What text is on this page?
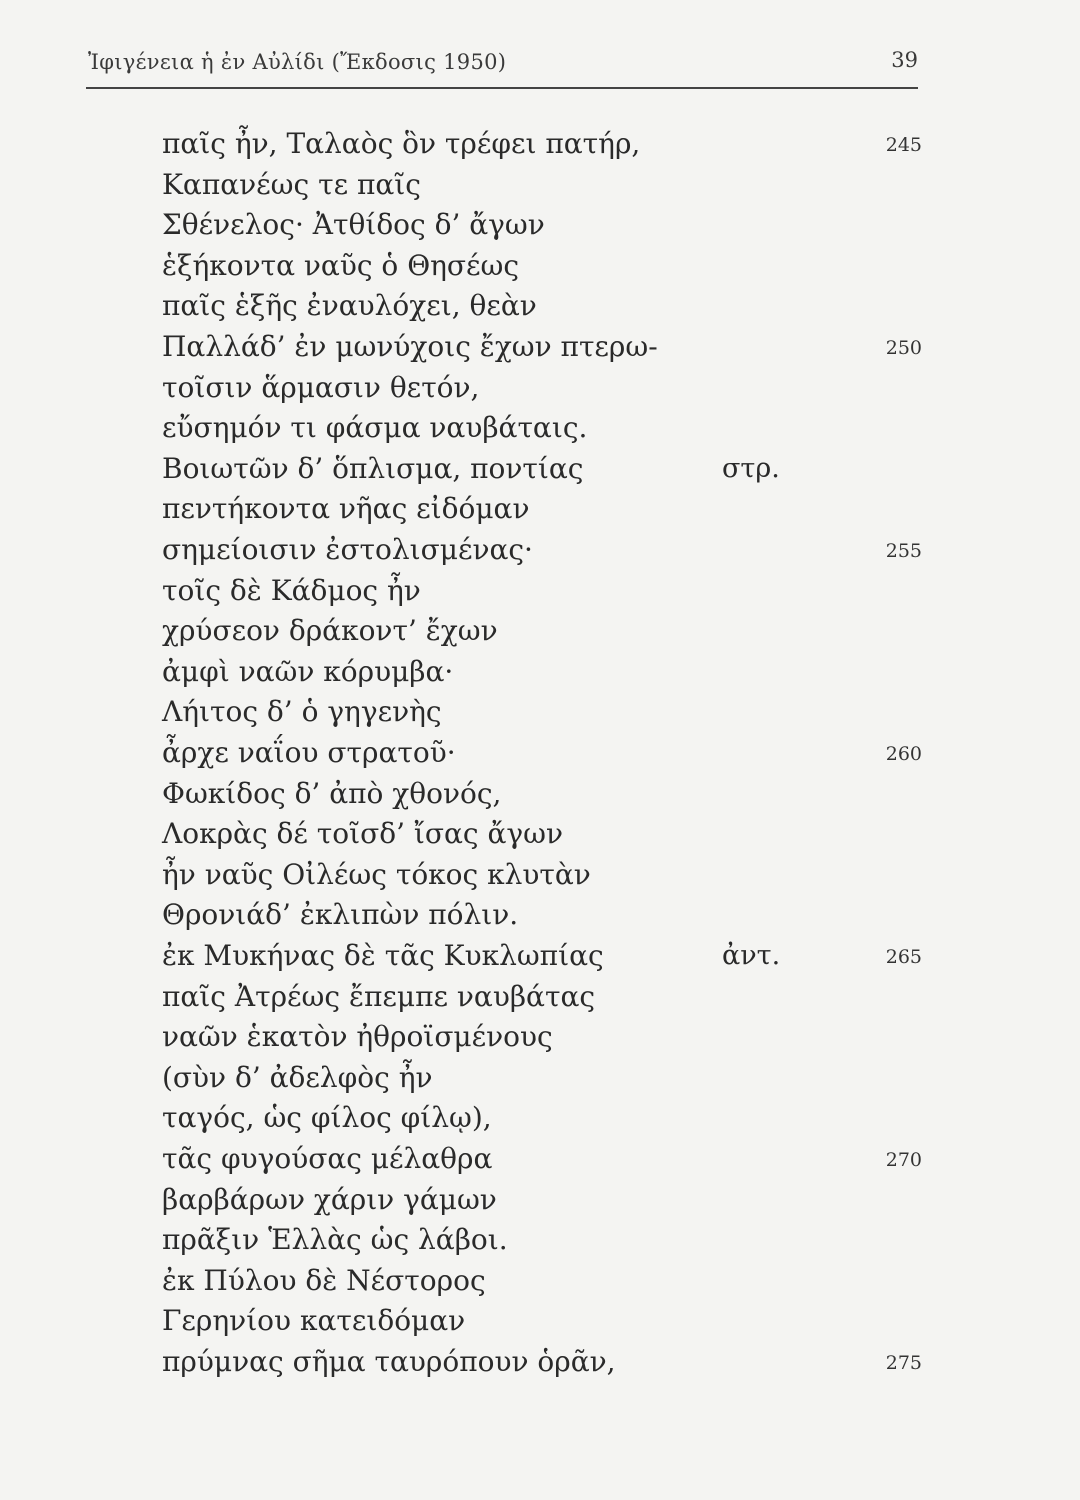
Ἰφιγένεια ἡ ἐν Αὐλίδι (Ἔκδοσις 1950)	39
παῖς ἦν, Ταλαὸς ὃν τρέφει πατήρ,	245
Καπανέως τε παῖς
Σθένελος· Ἀτθίδος δ’ ἄγων
ἑξήκοντα ναῦς ὁ Θησέως
παῖς ἑξῆς ἐναυλόχει, θεὰν
Παλλάδ’ ἐν μωνύχοις ἔχων πτερω-	250
τοῖσιν ἅρμασιν θετόν,
εὔσημόν τι φάσμα ναυβάταις.
Βοιωτῶν δ’ ὅπλισμα, ποντίας	στρ.
πεντήκοντα νῆας εἰδόμαν
σημείοισιν ἐστολισμένας·	255
τοῖς δὲ Κάδμος ἦν
χρύσεον δράκοντ’ ἔχων
ἀμφὶ ναῶν κόρυμβα·
Λήιτος δ’ ὁ γηγενὴς
ἆρχε ναΐου στρατοῦ·	260
Φωκίδος δ’ ἀπὸ χθονός,
Λοκρὰς δέ τοῖσδ’ ἴσας ἄγων
ἦν ναῦς Οἰλέως τόκος κλυτὰν
Θρονιάδ’ ἐκλιπὼν πόλιν.
ἐκ Μυκήνας δὲ τᾶς Κυκλωπίας	ἀντ.	265
παῖς Ἀτρέως ἔπεμπε ναυβάτας
ναῶν ἑκατὸν ἠθροϊσμένους
(σὺν δ’ ἀδελφὸς ἦν
ταγός, ὡς φίλος φίλῳ),
τᾶς φυγούσας μέλαθρα	270
βαρβάρων χάριν γάμων
πρᾶξιν Ἑλλὰς ὡς λάβοι.
ἐκ Πύλου δὲ Νέστορος
Γερηνίου κατειδόμαν
πρύμνας σῆμα ταυρόπουν ὁρᾶν,	275
